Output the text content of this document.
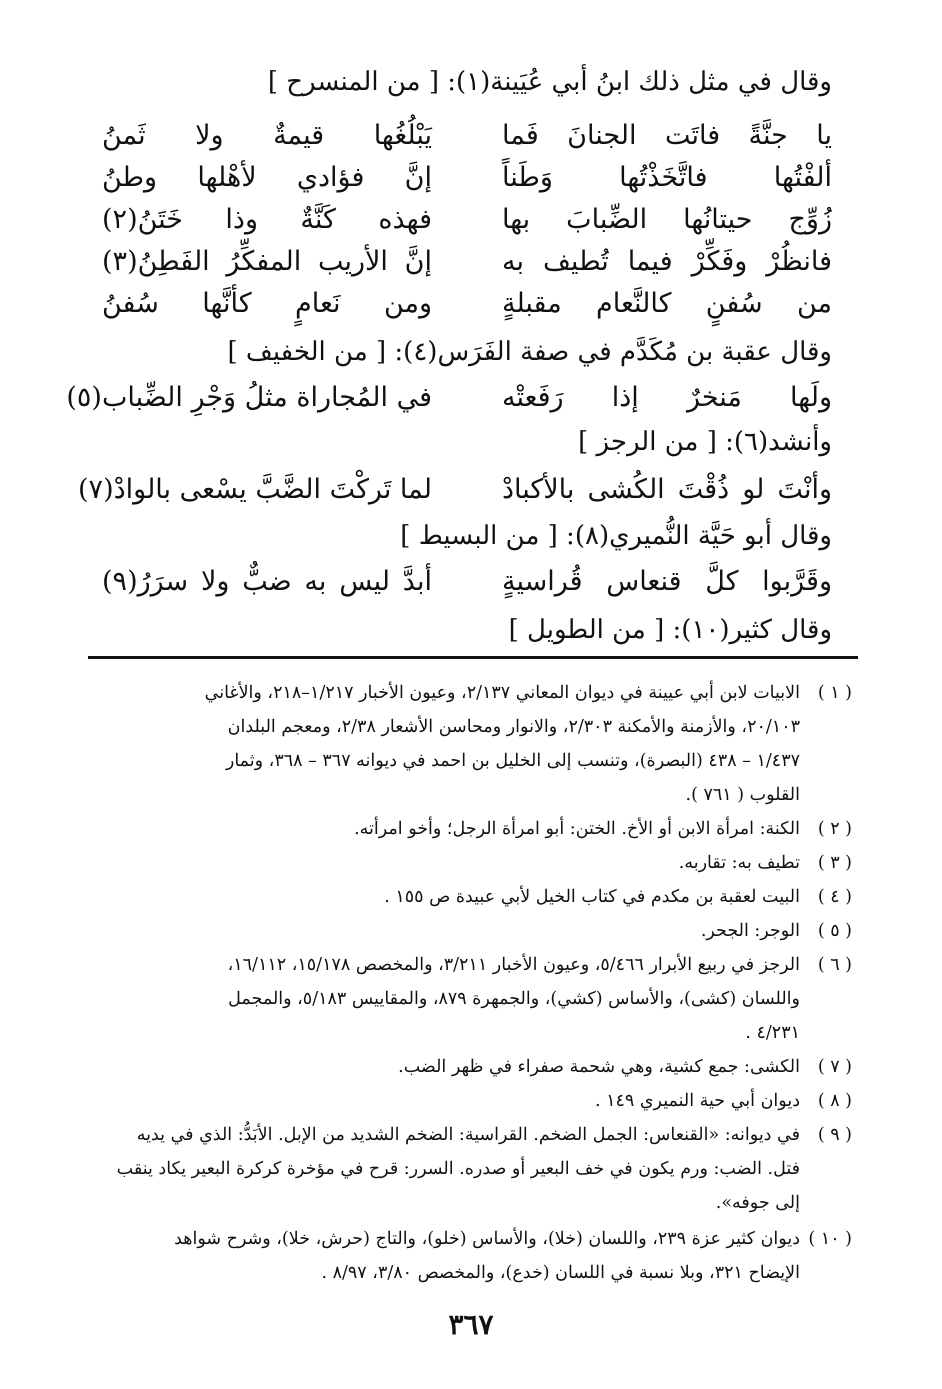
وقال في مثل ذلك ابنُ أبي عُيَينة(١): [ من المنسرح ]
يا جنَّةً فاتَت الجنانَ فَما
يَبْلُغُها قيمةٌ ولا ثَمنُ
ألفْتُها فاتَّخَذْتُها وَطَناً
إنَّ فؤادي لأهْلها وطنُ
زُوِّج حيتانُها الضِّبابَ بها
فهذه كَنَّةٌ وذا خَتَنُ(٢)
فانظُرْ وفَكِّرْ فيما تُطيف به
إنَّ الأريب المفكِّرُ الفَطِنُ(٣)
من سُفنٍ كالنَّعام مقبلةٍ
ومن نَعامٍ كأنَّها سُفنُ
وقال عقبة بن مُكَدَّم في صفة الفَرَس(٤): [ من الخفيف ]
ولَها مَنخرٌ إذا رَفَعتْه
في المُجاراة مثلُ وَجْرِ الضِّباب(٥)
وأنشد(٦): [ من الرجز ]
وأنْتَ لو ذُقْتَ الكُشى بالأكبادْ
لما تَركْتَ الضَّبَّ يسْعى بالوادْ(٧)
وقال أبو حَيَّة النُّميري(٨): [ من البسيط ]
وقَرَّبوا كلَّ قنعاس قُراسيةٍ
أبدَّ ليس به ضبٌّ ولا سرَرُ(٩)
وقال كثير(١٠): [ من الطويل ]
( ١ )الابيات لابن أبي عيينة في ديوان المعاني ٢/١٣٧، وعيون الأخبار ١/٢١٧–٢١٨، والأغاني
٢٠/١٠٣، والأزمنة والأمكنة ٢/٣٠٣، والانوار ومحاسن الأشعار ٢/٣٨، ومعجم البلدان
١/٤٣٧ – ٤٣٨ (البصرة)، وتنسب إلى الخليل بن احمد في ديوانه ٣٦٧ – ٣٦٨، وثمار
القلوب ( ٧٦١ ).
( ٢ )الكنة: امرأة الابن أو الأخ. الختن: أبو امرأة الرجل؛ وأخو امرأته.
( ٣ )تطيف به: تقاربه.
( ٤ )البيت لعقبة بن مكدم في كتاب الخيل لأبي عبيدة ص ١٥٥ .
( ٥ )الوجر: الجحر.
( ٦ )الرجز في ربيع الأبرار ٥/٤٦٦، وعيون الأخبار ٣/٢١١، والمخصص ١٥/١٧٨، ١٦/١١٢،
واللسان (كشى)، والأساس (كشي)، والجمهرة ٨٧٩، والمقاييس ٥/١٨٣، والمجمل
٤/٢٣١ .
( ٧ )الكشى: جمع كشية، وهي شحمة صفراء في ظهر الضب.
( ٨ )ديوان أبي حية النميري ١٤٩ .
( ٩ )في ديوانه: «القنعاس: الجمل الضخم. القراسية: الضخم الشديد من الإبل. الأبَدُّ: الذي في يديه
فتل. الضب: ورم يكون في خف البعير أو صدره. السرر: قرح في مؤخرة كركرة البعير يكاد ينقب
إلى جوفه».
( ١٠ )ديوان كثير عزة ٢٣٩، واللسان (خلا)، والأساس (خلو)، والتاج (حرش، خلا)، وشرح شواهد
الإيضاح ٣٢١، وبلا نسبة في اللسان (خدع)، والمخصص ٣/٨٠، ٨/٩٧ .
٣٦٧
